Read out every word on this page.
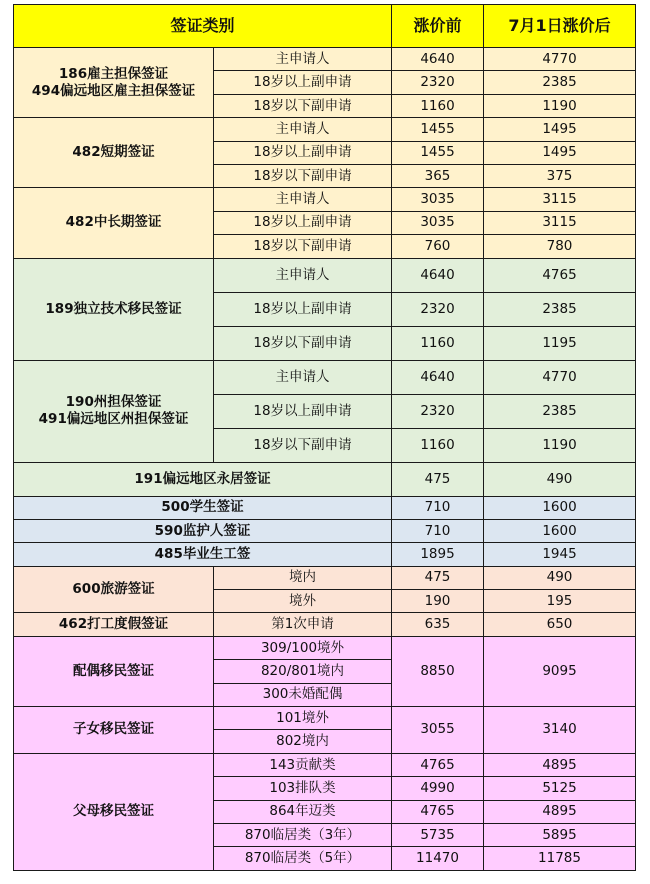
签证类别		涨价前	7月1日涨价后

186雇主担保签证
494偏远地区雇主担保签证	主申请人	4640	4770
	18岁以上副申请	2320	2385
	18岁以下副申请	1160	1190

482短期签证	主申请人	1455	1495
	18岁以上副申请	1455	1495
	18岁以下副申请	365	375

482中长期签证	主申请人	3035	3115
	18岁以上副申请	3035	3115
	18岁以下副申请	760	780

189独立技术移民签证	主申请人	4640	4765
	18岁以上副申请	2320	2385
	18岁以下副申请	1160	1195

190州担保签证
491偏远地区州担保签证	主申请人	4640	4770
	18岁以上副申请	2320	2385
	18岁以下副申请	1160	1190

191偏远地区永居签证		475	490

500学生签证		710	1600

590监护人签证		710	1600

485毕业生工签		1895	1945

600旅游签证	境内	475	490
	境外	190	195

462打工度假签证	第1次申请	635	650

配偶移民签证	309/100境外	8850	9095
	820/801境内		
	300未婚配偶		

子女移民签证	101境外	3055	3140
	802境内		

父母移民签证	143贡献类	4765	4895
	103排队类	4990	5125
	864年迈类	4765	4895
	870临居类（3年）	5735	5895
	870临居类（5年）	11470	11785
